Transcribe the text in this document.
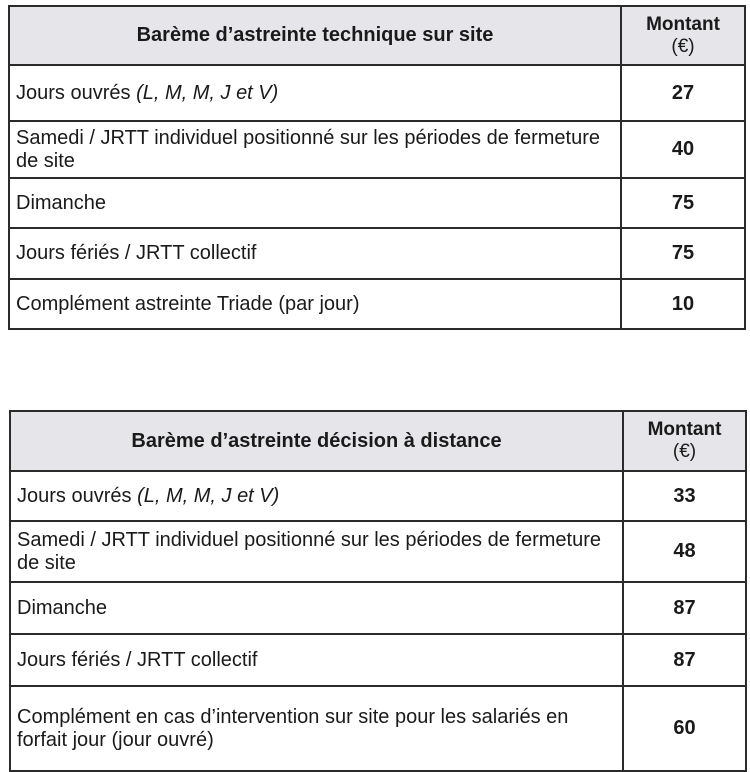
Barème d’astreinte technique sur site	Montant
(€)

Jours ouvrés (L, M, M, J et V)	27
Samedi / JRTT individuel positionné sur les périodes de fermeture de site	40
Dimanche	75
Jours fériés / JRTT collectif	75
Complément astreinte Triade (par jour)	10
Barème d’astreinte décision à distance	Montant
(€)

Jours ouvrés (L, M, M, J et V)	33
Samedi / JRTT individuel positionné sur les périodes de fermeture de site	48
Dimanche	87
Jours fériés / JRTT collectif	87
Complément en cas d’intervention sur site pour les salariés en forfait jour (jour ouvré)	60
